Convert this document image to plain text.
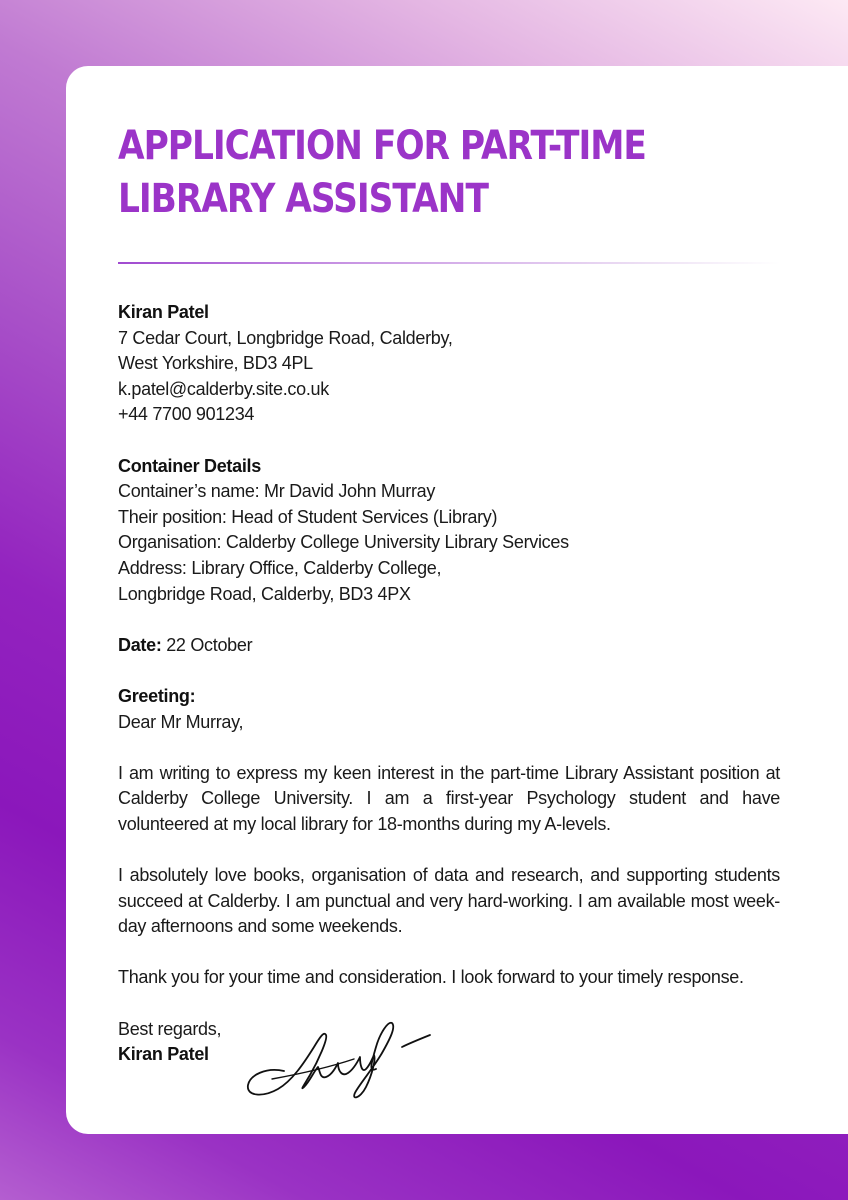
APPLICATION FOR PART-TIME LIBRARY ASSISTANT

Kiran Patel

7 Cedar Court, Longbridge Road, Calderby,

West Yorkshire, BD3 4PL

k.patel@calderby.site.co.uk

+44 7700 901234

Container Details

Container’s name: Mr David John Murray

Their position: Head of Student Services (Library)

Organisation: Calderby College University Library Services

Address: Library Office, Calderby College,

Longbridge Road, Calderby, BD3 4PX

Date: 22 October

Greeting:

Dear Mr Murray,

I am writing to express my keen interest in the part-time Library Assistant position at Calderby College University. I am a first-year Psychology student and have volunteered at my local library for 18-months during my A-levels.

I absolutely love books, organisation of data and research, and supporting students succeed at Calderby. I am punctual and very hard-working. I am available most week-day afternoons and some weekends.

Thank you for your time and consideration. I look forward to your timely response.

Best regards,

Kiran Patel
